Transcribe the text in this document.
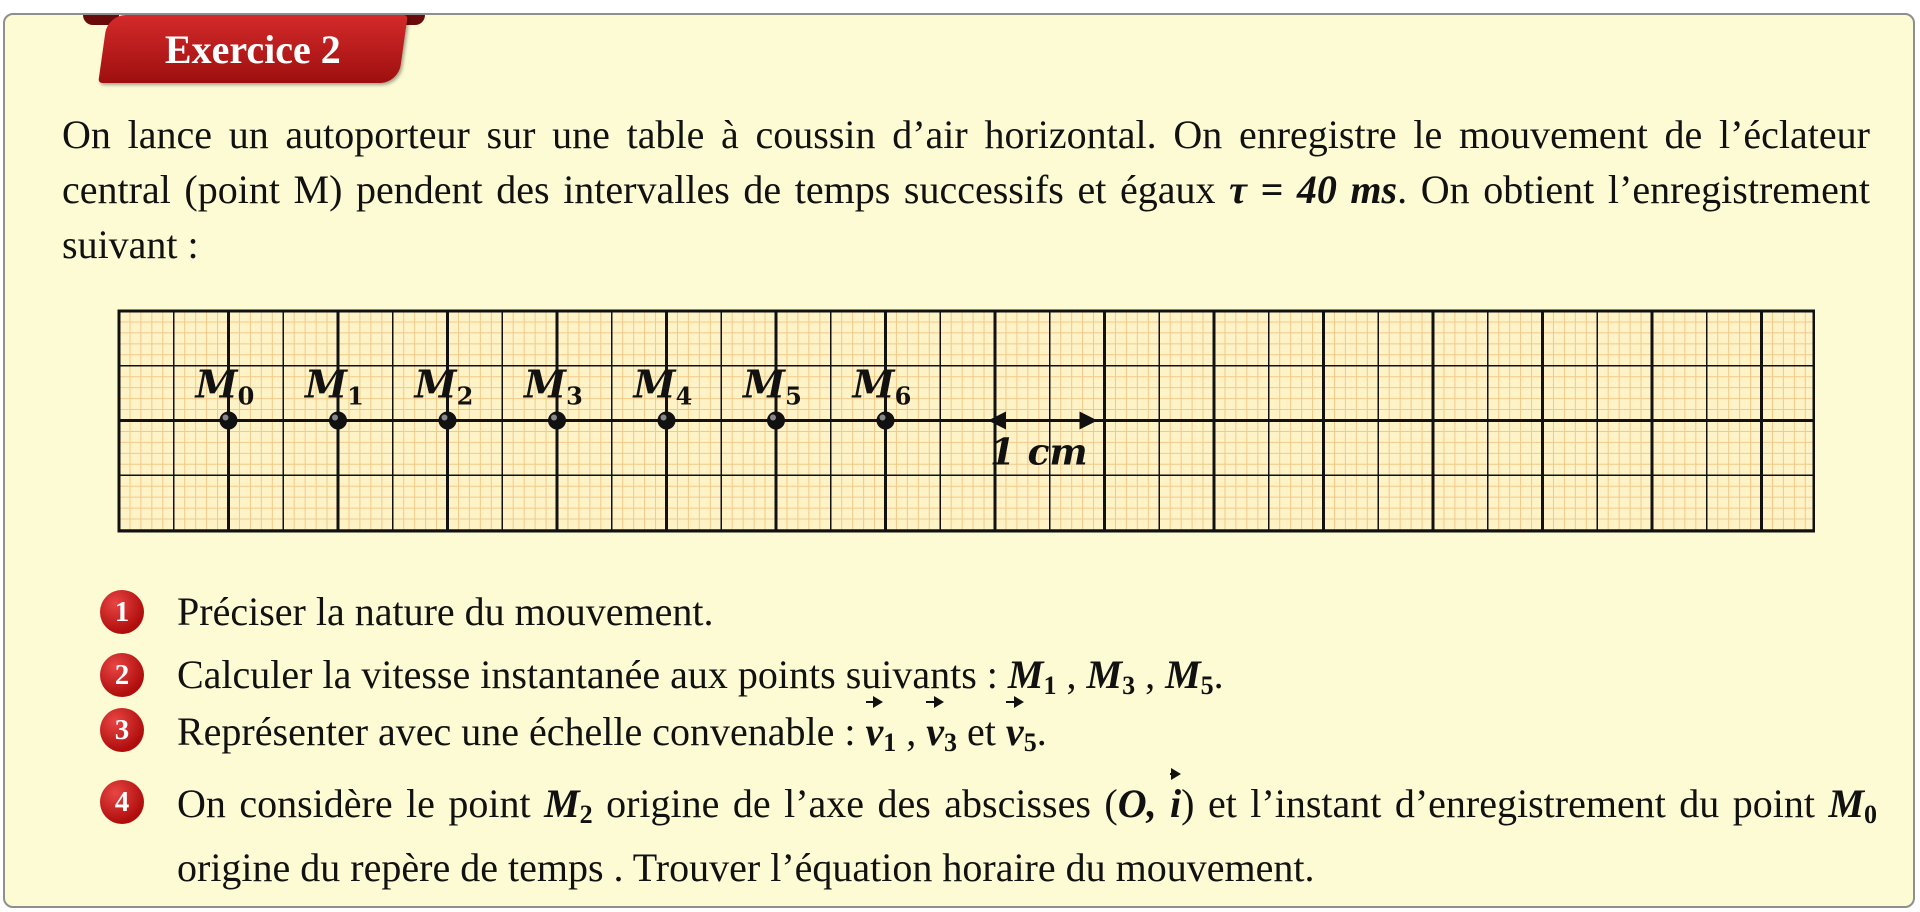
Exercice 2
On lance un autoporteur sur une table à coussin d’air horizontal. On enregistre le mouvement de l’éclateur central (point M) pendent des intervalles de temps successifs et égaux τ = 40 ms. On obtient l’enregistrement suivant :
M0 M1 M2 M3 M4 M5 M6
1 cm
1	Préciser la nature du mouvement.
2	Calculer la vitesse instantanée aux points suivants : $M_1$ , $M_3$ , $M_5$.
3	Représenter avec une échelle convenable : $v_1$ , $v_3$ et $v_5$.
4	On considère le point $M_2$ origine de l’axe des abscisses (O, i) et l’instant d’enregistrement du point $M_0$ origine du repère de temps . Trouver l’équation horaire du mouvement.
